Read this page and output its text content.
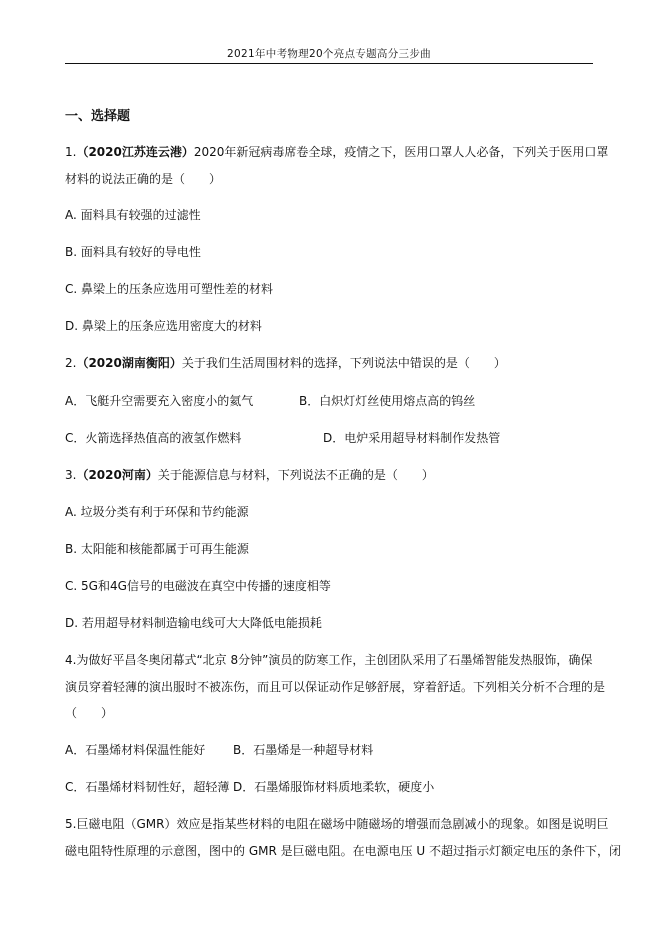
2021年中考物理20个亮点专题高分三步曲
一、选择题
1.（2020江苏连云港）2020年新冠病毒席卷全球，疫情之下，医用口罩人人必备，下列关于医用口罩
材料的说法正确的是（　　）
A. 面料具有较强的过滤性
B. 面料具有较好的导电性
C. 鼻梁上的压条应选用可塑性差的材料
D. 鼻梁上的压条应选用密度大的材料
2.（2020湖南衡阳）关于我们生活周围材料的选择，下列说法中错误的是（　　）
A．飞艇升空需要充入密度小的氦气	B．白炽灯灯丝使用熔点高的钨丝
C．火箭选择热值高的液氢作燃料	D．电炉采用超导材料制作发热管
3.（2020河南）关于能源信息与材料，下列说法不正确的是（　　）
A. 垃圾分类有利于环保和节约能源
B. 太阳能和核能都属于可再生能源
C. 5G和4G信号的电磁波在真空中传播的速度相等
D. 若用超导材料制造输电线可大大降低电能损耗
4.为做好平昌冬奥闭幕式“北京 8分钟”演员的防寒工作，主创团队采用了石墨烯智能发热服饰，确保
演员穿着轻薄的演出服时不被冻伤，而且可以保证动作足够舒展，穿着舒适。下列相关分析不合理的是
（　　）
A．石墨烯材料保温性能好 B．石墨烯是一种超导材料
C．石墨烯材料韧性好，超轻薄 D．石墨烯服饰材料质地柔软，硬度小
5.巨磁电阻（GMR）效应是指某些材料的电阻在磁场中随磁场的增强而急剧减小的现象。如图是说明巨
磁电阻特性原理的示意图，图中的 GMR 是巨磁电阻。在电源电压 U 不超过指示灯额定电压的条件下，闭
